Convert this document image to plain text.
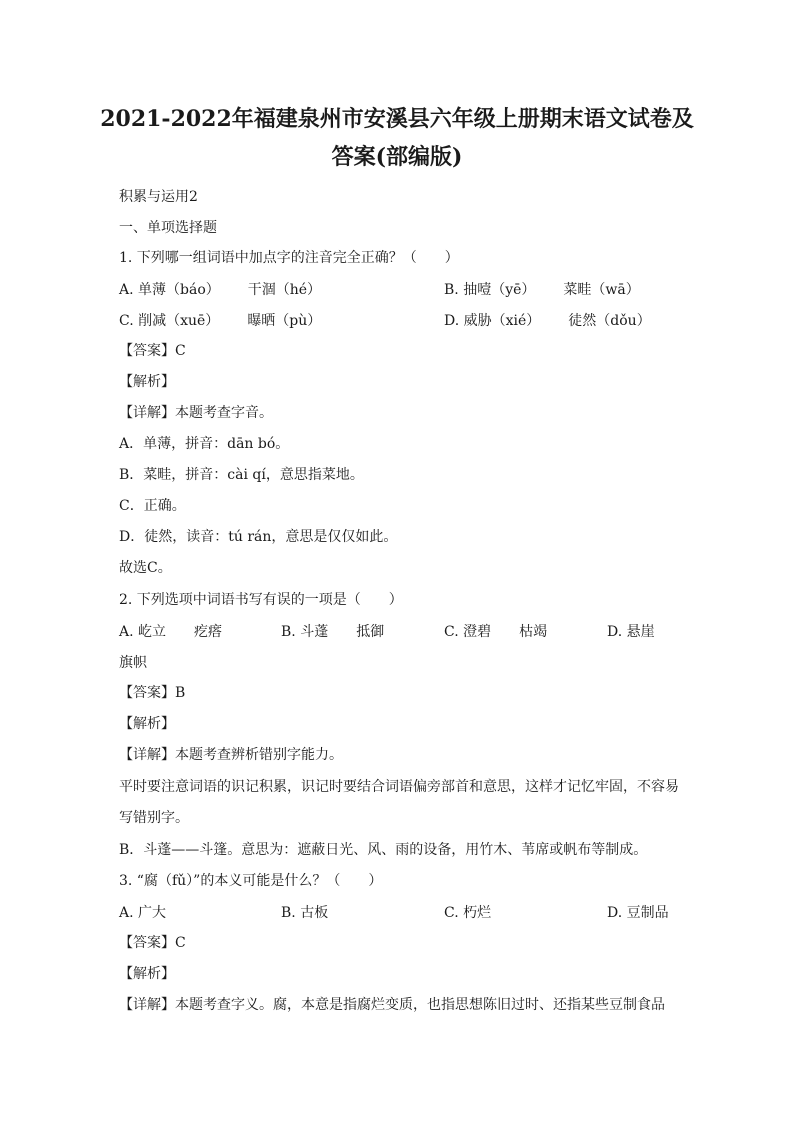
2021-2022年福建泉州市安溪县六年级上册期末语文试卷及
答案(部编版)
积累与运用2
一、单项选择题
1. 下列哪一组词语中加点字的注音完全正确？（　　）
A. 单薄（báo） 干涸（hé）	B. 抽噎（yē） 菜畦（wā）
C. 削减（xuē） 曝晒（pù）	D. 威胁（xié） 徒然（dǒu）
【答案】C
【解析】
【详解】本题考查字音。
A．单薄，拼音：dān bó。
B．菜畦，拼音：cài qí，意思指菜地。
C．正确。
D．徒然，读音：tú rán，意思是仅仅如此。
故选C。
2. 下列选项中词语书写有误的一项是（　　）
A. 屹立 疙瘩	B. 斗蓬 抵御	C. 澄碧 枯竭	D. 悬崖
旗帜
【答案】B
【解析】
【详解】本题考查辨析错别字能力。
平时要注意词语的识记积累，识记时要结合词语偏旁部首和意思，这样才记忆牢固，不容易
写错别字。
B．斗蓬——斗篷。意思为：遮蔽日光、风、雨的设备，用竹木、苇席或帆布等制成。
3. “腐（fǔ）”的本义可能是什么？（　　）
A. 广大	B. 古板	C. 朽烂	D. 豆制品
【答案】C
【解析】
【详解】本题考查字义。腐，本意是指腐烂变质，也指思想陈旧过时、还指某些豆制食品
